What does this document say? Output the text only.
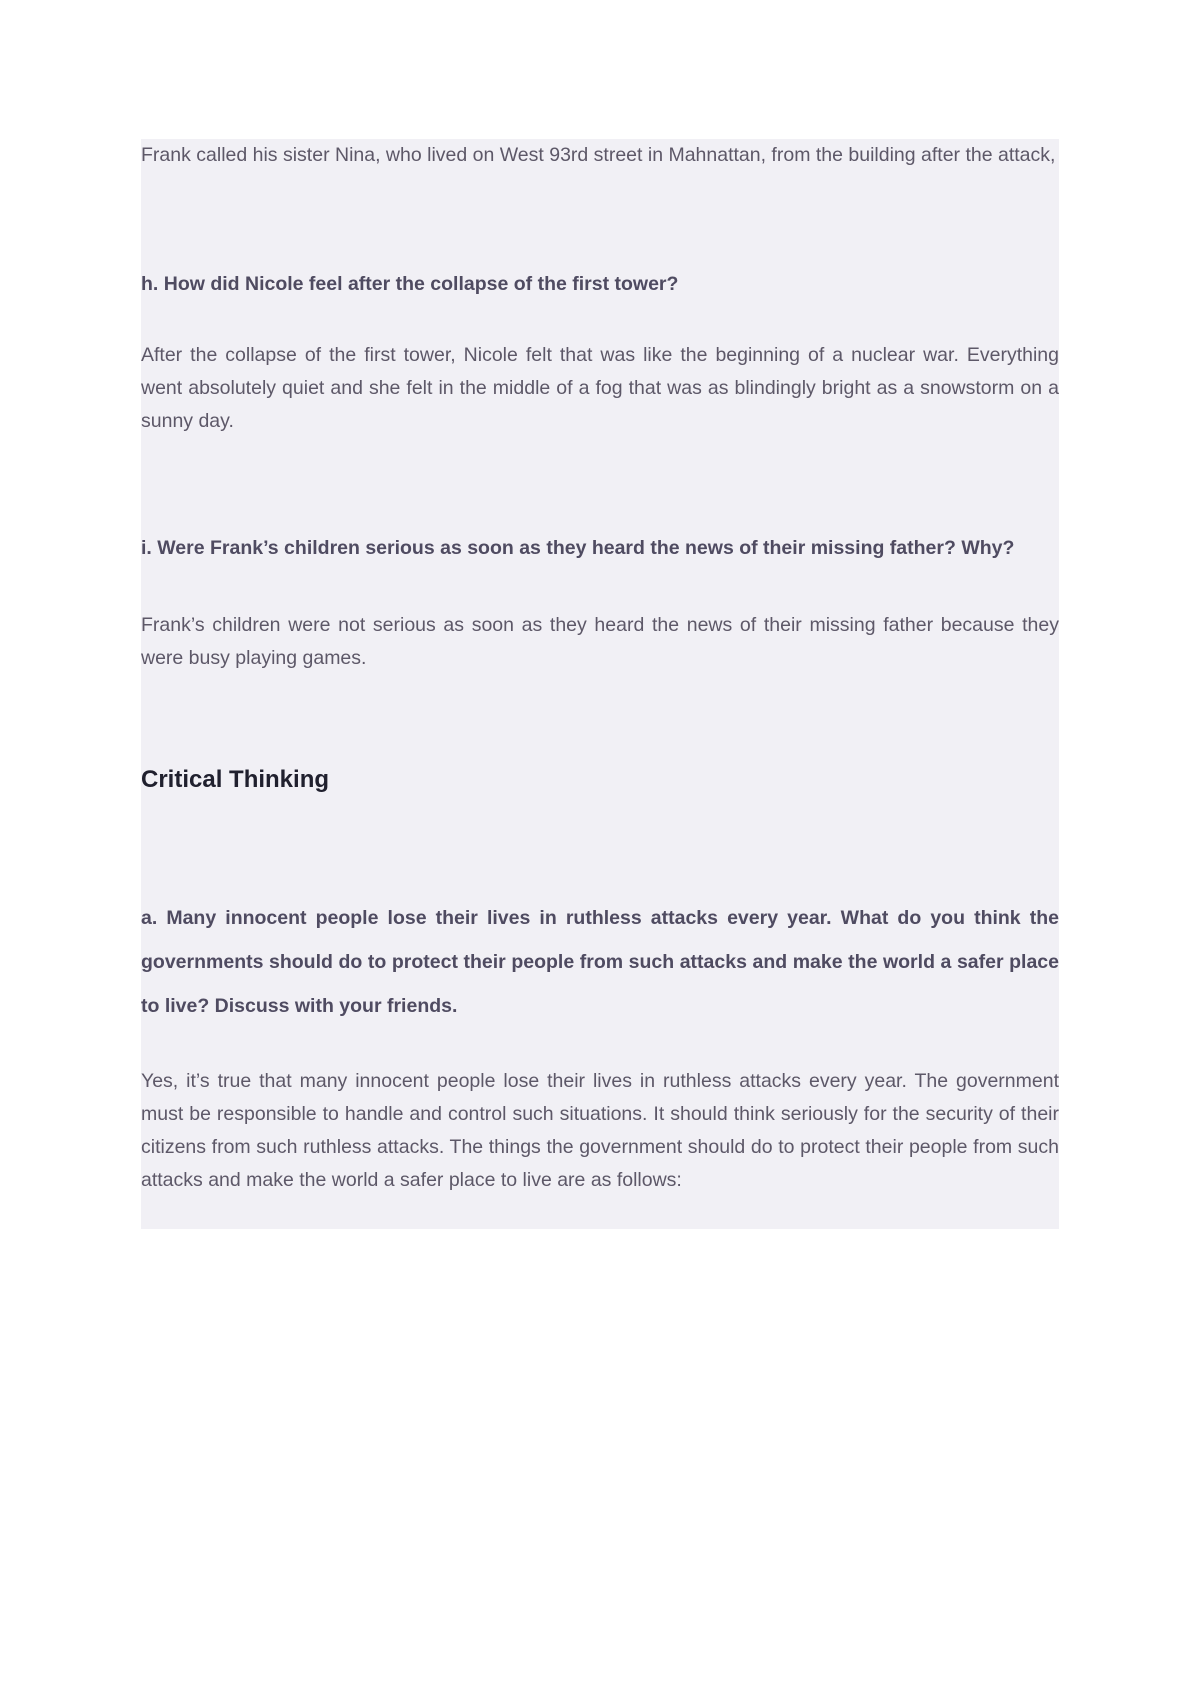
Frank called his sister Nina, who lived on West 93rd street in Mahnattan, from the building after the attack,

h. How did Nicole feel after the collapse of the first tower?

After the collapse of the first tower, Nicole felt that was like the beginning of a nuclear war. Everything went absolutely quiet and she felt in the middle of a fog that was as blindingly bright as a snowstorm on a sunny day.

i. Were Frank’s children serious as soon as they heard the news of their missing father? Why?

Frank’s children were not serious as soon as they heard the news of their missing father because they were busy playing games.

Critical Thinking

a. Many innocent people lose their lives in ruthless attacks every year. What do you think the governments should do to protect their people from such attacks and make the world a safer place to live? Discuss with your friends.

Yes, it’s true that many innocent people lose their lives in ruthless attacks every year. The government must be responsible to handle and control such situations. It should think seriously for the security of their citizens from such ruthless attacks. The things the government should do to protect their people from such attacks and make the world a safer place to live are as follows:
